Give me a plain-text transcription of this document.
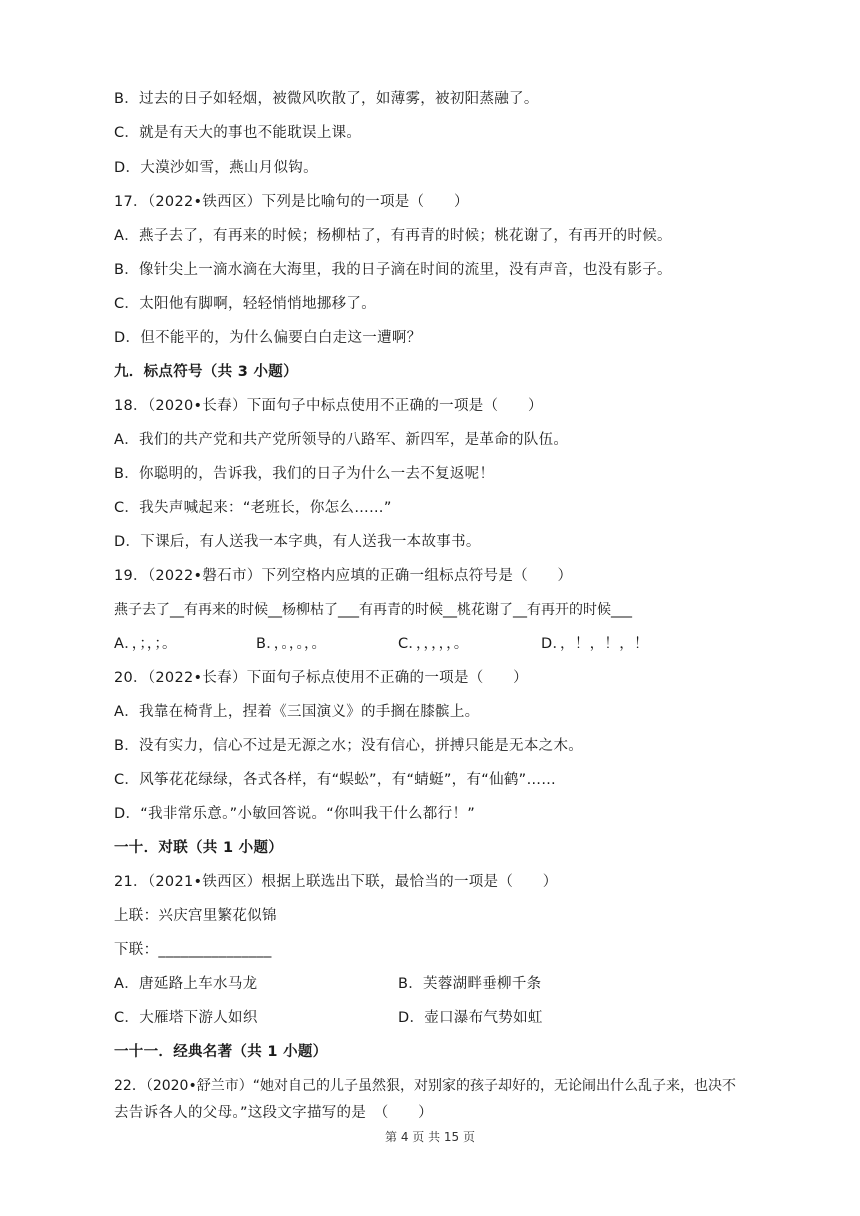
B．过去的日子如轻烟，被微风吹散了，如薄雾，被初阳蒸融了。
C．就是有天大的事也不能耽误上课。
D．大漠沙如雪，燕山月似钩。
17．（2022•铁西区）下列是比喻句的一项是（　　）
A．燕子去了，有再来的时候；杨柳枯了，有再青的时候；桃花谢了，有再开的时候。
B．像针尖上一滴水滴在大海里，我的日子滴在时间的流里，没有声音，也没有影子。
C．太阳他有脚啊，轻轻悄悄地挪移了。
D．但不能平的，为什么偏要白白走这一遭啊？
九．标点符号（共 3 小题）
18．（2020•长春）下面句子中标点使用不正确的一项是（　　）
A．我们的共产党和共产党所领导的八路军、新四军，是革命的队伍。
B．你聪明的，告诉我，我们的日子为什么一去不复返呢！
C．我失声喊起来：“老班长，你怎么……”
D．下课后，有人送我一本字典，有人送我一本故事书。
19．（2022•磐石市）下列空格内应填的正确一组标点符号是（　　）
燕子去了__有再来的时候__杨柳枯了___有再青的时候__桃花谢了__有再开的时候___
A．，；，；。	B．，。，。，。	C．，，，，，。	D．，！，！，！
20．（2022•长春）下面句子标点使用不正确的一项是（　　）
A．我靠在椅背上，捏着《三国演义》的手搁在膝髌上。
B．没有实力，信心不过是无源之水；没有信心，拼搏只能是无本之木。
C．风筝花花绿绿，各式各样，有“蜈蚣”，有“蜻蜓”，有“仙鹤”……
D．“我非常乐意。”小敏回答说。“你叫我干什么都行！”
一十．对联（共 1 小题）
21．（2021•铁西区）根据上联选出下联，最恰当的一项是（　　）
上联：兴庆宫里繁花似锦
下联：_______________
A．唐延路上车水马龙	B．芙蓉湖畔垂柳千条
C．大雁塔下游人如织	D．壶口瀑布气势如虹
一十一．经典名著（共 1 小题）
22．（2020•舒兰市）“她对自己的儿子虽然狠，对别家的孩子却好的，无论闹出什么乱子来，也决不
去告诉各人的父母。”这段文字描写的是　（　　）
第 4 页 共 15 页
